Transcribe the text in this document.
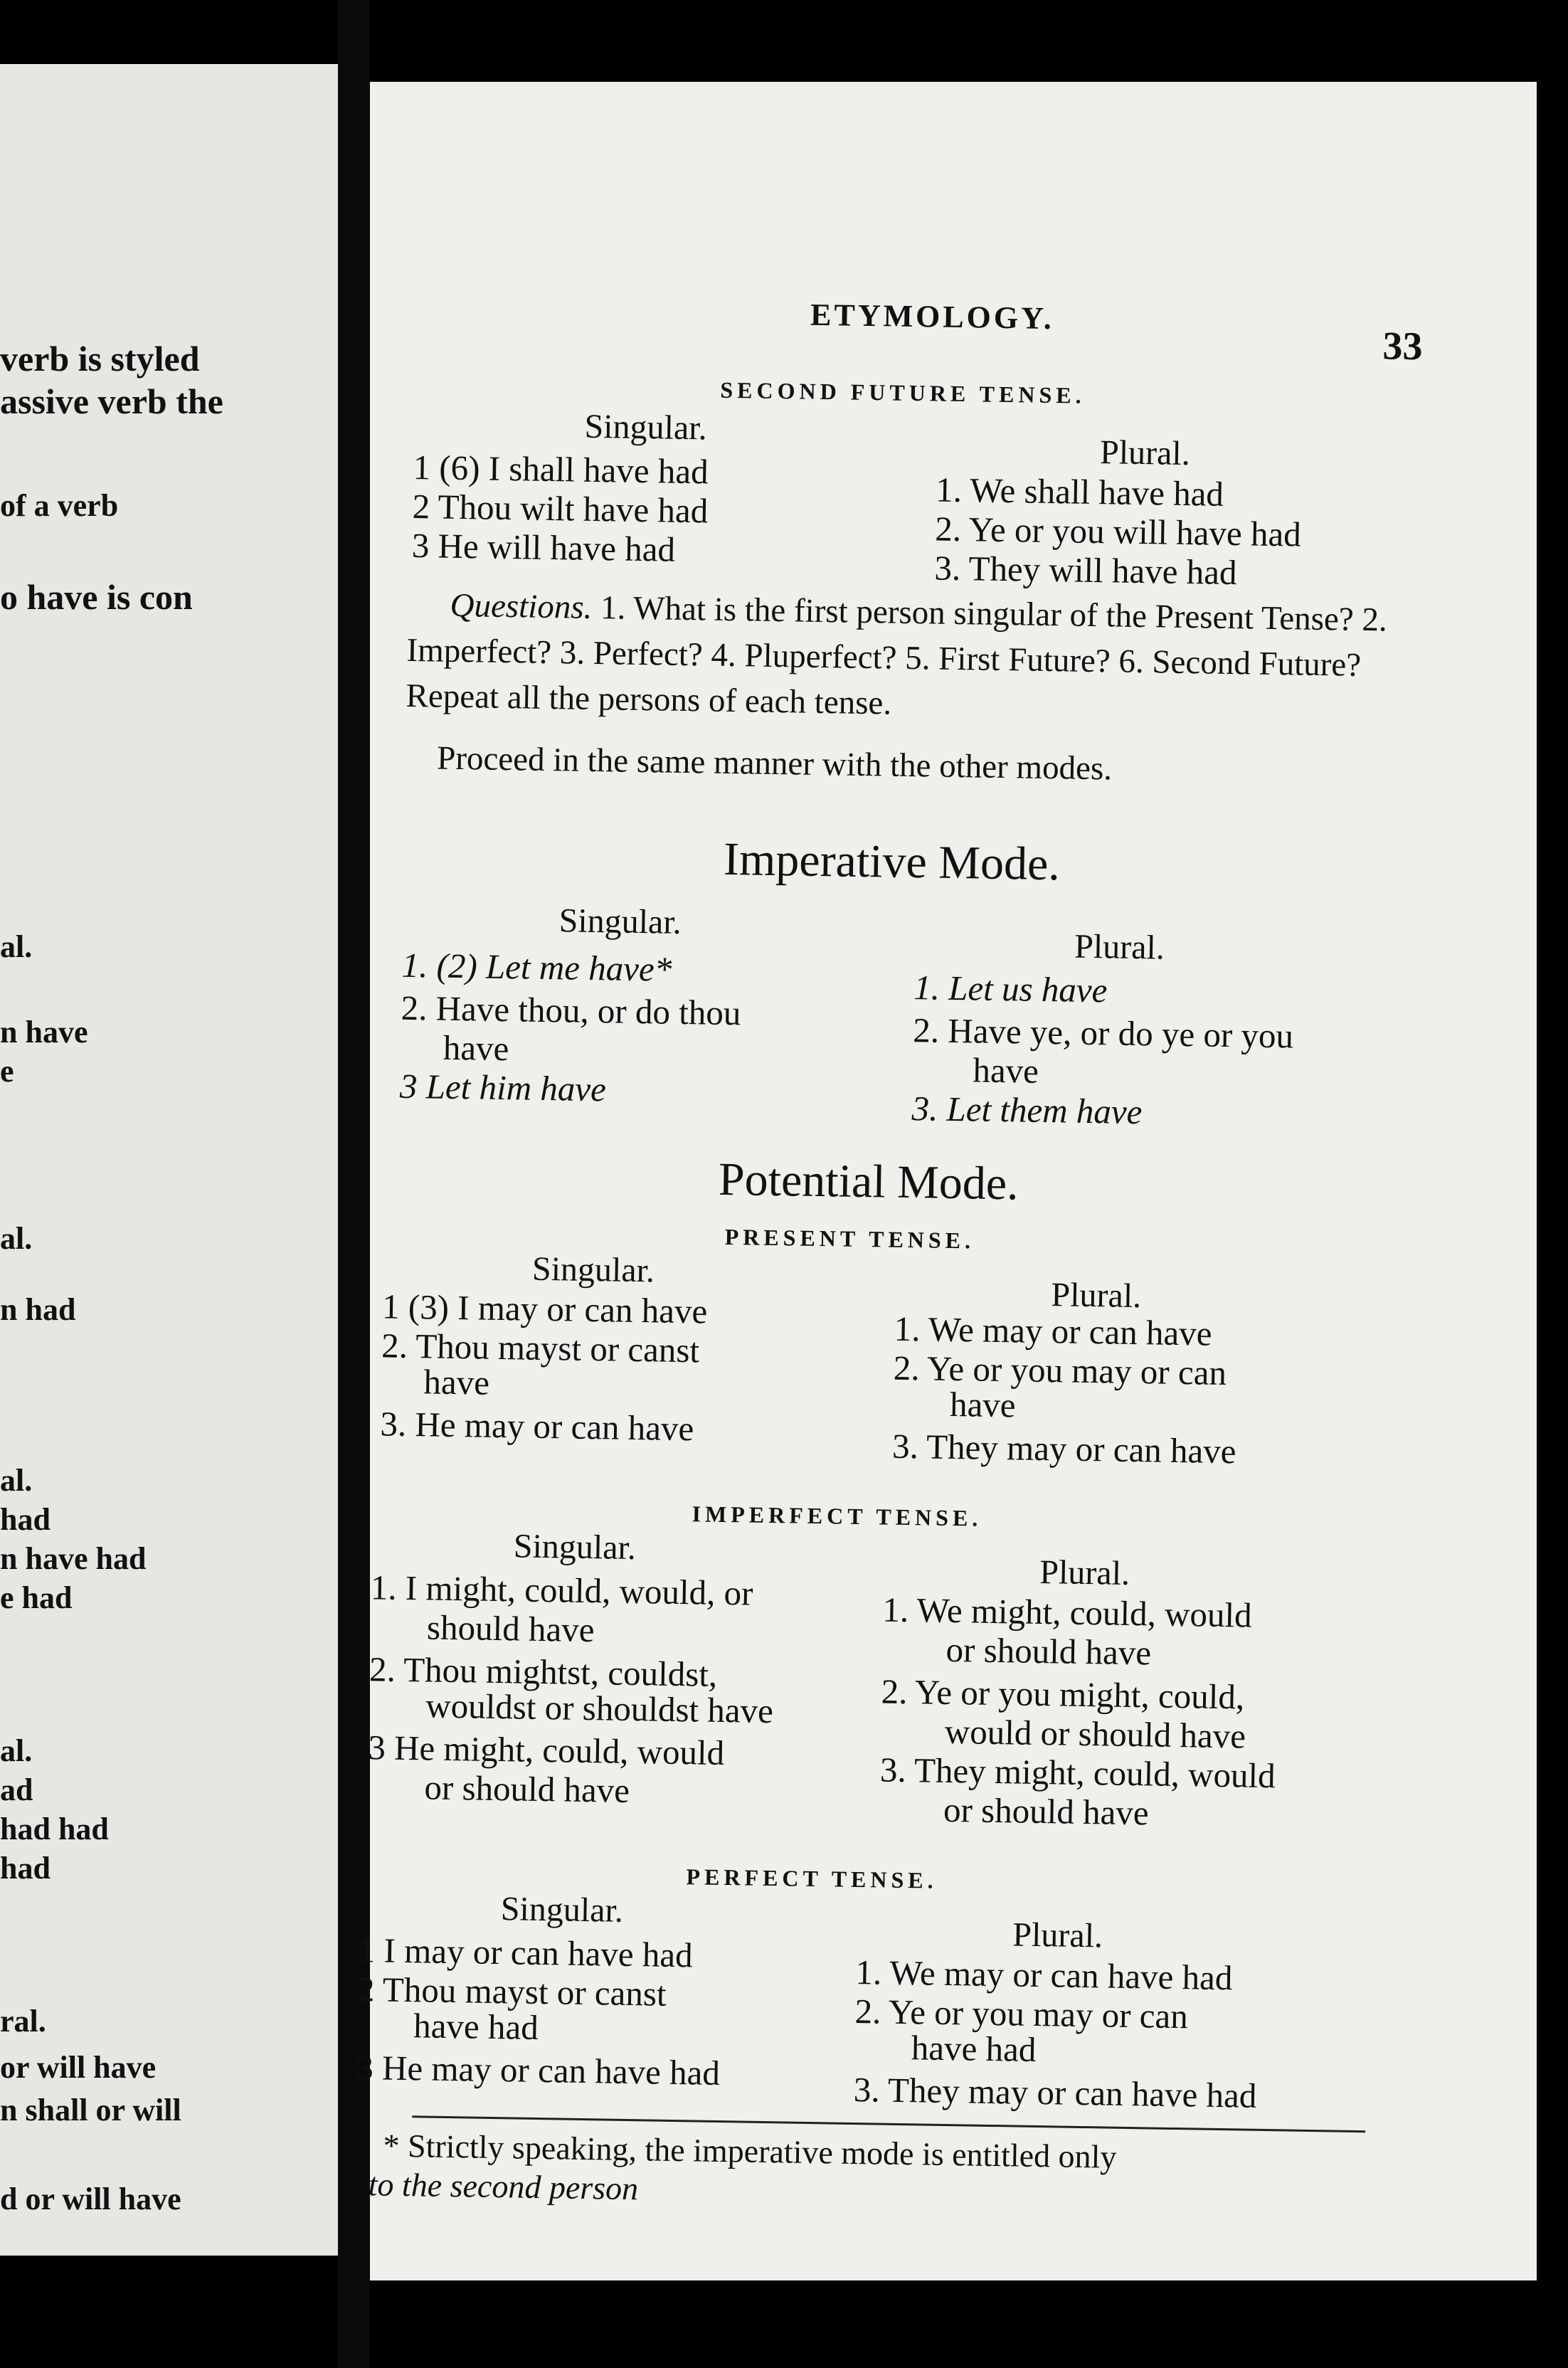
verb is styled
assive verb the
of a verb
o have is con
al.
n have
e
al.
n had
al.
had
n have had
e had
al.
ad
had had
had
ral.
or will have
n shall or will
d or will have
ETYMOLOGY.
33
SECOND FUTURE TENSE.
Singular.
Plural.
1 (6) I shall have had
2 Thou wilt have had
3 He will have had
1. We shall have had
2. Ye or you will have had
3. They will have had
Questions. 1. What is the first person singular of the Present Tense? 2. Imperfect? 3. Perfect? 4. Pluperfect? 5. First Future? 6. Second Future? Repeat all the persons of each tense.
Proceed in the same manner with the other modes.
Imperative Mode.
Singular.
Plural.
1. (2) Let me have*
2. Have thou, or do thou
have
3 Let him have
1. Let us have
2. Have ye, or do ye or you
have
3. Let them have
Potential Mode.
PRESENT TENSE.
Singular.
Plural.
1 (3) I may or can have
2. Thou mayst or canst
have
3. He may or can have
1. We may or can have
2. Ye or you may or can
have
3. They may or can have
IMPERFECT TENSE.
Singular.
Plural.
1. I might, could, would, or
should have
2. Thou mightst, couldst,
wouldst or shouldst have
3 He might, could, would
or should have
1. We might, could, would
or should have
2. Ye or you might, could,
would or should have
3. They might, could, would
or should have
PERFECT TENSE.
Singular.
Plural.
1 I may or can have had
2 Thou mayst or canst
have had
3 He may or can have had
1. We may or can have had
2. Ye or you may or can
have had
3. They may or can have had
* Strictly speaking, the imperative mode is entitled only
to the second person
